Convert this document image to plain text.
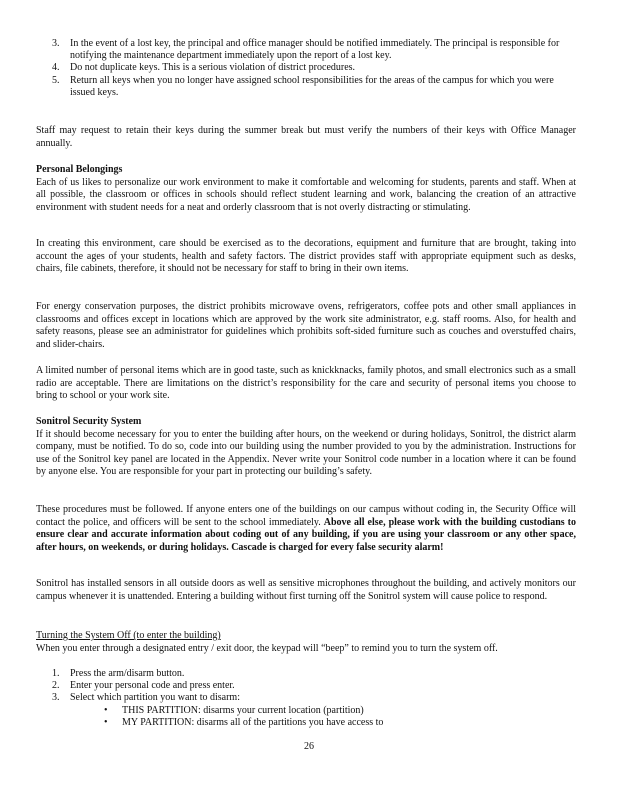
3.	In the event of a lost key, the principal and office manager should be notified immediately. The principal is responsible for notifying the maintenance department immediately upon the report of a lost key.
4.	Do not duplicate keys. This is a serious violation of district procedures.
5.	Return all keys when you no longer have assigned school responsibilities for the areas of the campus for which you were issued keys.
Staff may request to retain their keys during the summer break but must verify the numbers of their keys with Office Manager annually.
Personal Belongings
Each of us likes to personalize our work environment to make it comfortable and welcoming for students, parents and staff. When at all possible, the classroom or offices in schools should reflect student learning and work, balancing the creation of an attractive environment with student needs for a neat and orderly classroom that is not overly distracting or stimulating.
In creating this environment, care should be exercised as to the decorations, equipment and furniture that are brought, taking into account the ages of your students, health and safety factors. The district provides staff with appropriate equipment such as desks, chairs, file cabinets, therefore, it should not be necessary for staff to bring in their own items.
For energy conservation purposes, the district prohibits microwave ovens, refrigerators, coffee pots and other small appliances in classrooms and offices except in locations which are approved by the work site administrator, e.g. staff rooms. Also, for health and safety reasons, please see an administrator for guidelines which prohibits soft-sided furniture such as couches and overstuffed chairs, and slider-chairs.
A limited number of personal items which are in good taste, such as knickknacks, family photos, and small electronics such as a small radio are acceptable. There are limitations on the district’s responsibility for the care and security of personal items you choose to bring to school or your work site.
Sonitrol Security System
If it should become necessary for you to enter the building after hours, on the weekend or during holidays, Sonitrol, the district alarm company, must be notified. To do so, code into our building using the number provided to you by the administration. Instructions for use of the Sonitrol key panel are located in the Appendix. Never write your Sonitrol code number in a location where it can be found by anyone else. You are responsible for your part in protecting our building’s safety.
These procedures must be followed. If anyone enters one of the buildings on our campus without coding in, the Security Office will contact the police, and officers will be sent to the school immediately. Above all else, please work with the building custodians to ensure clear and accurate information about coding out of any building, if you are using your classroom or any other space, after hours, on weekends, or during holidays. Cascade is charged for every false security alarm!
Sonitrol has installed sensors in all outside doors as well as sensitive microphones throughout the building, and actively monitors our campus whenever it is unattended. Entering a building without first turning off the Sonitrol system will cause police to respond.
Turning the System Off (to enter the building)
When you enter through a designated entry / exit door, the keypad will “beep” to remind you to turn the system off.
1.	Press the arm/disarm button.
2.	Enter your personal code and press enter.
3.	Select which partition you want to disarm:
•	THIS PARTITION: disarms your current location (partition)
•	MY PARTITION: disarms all of the partitions you have access to
26
